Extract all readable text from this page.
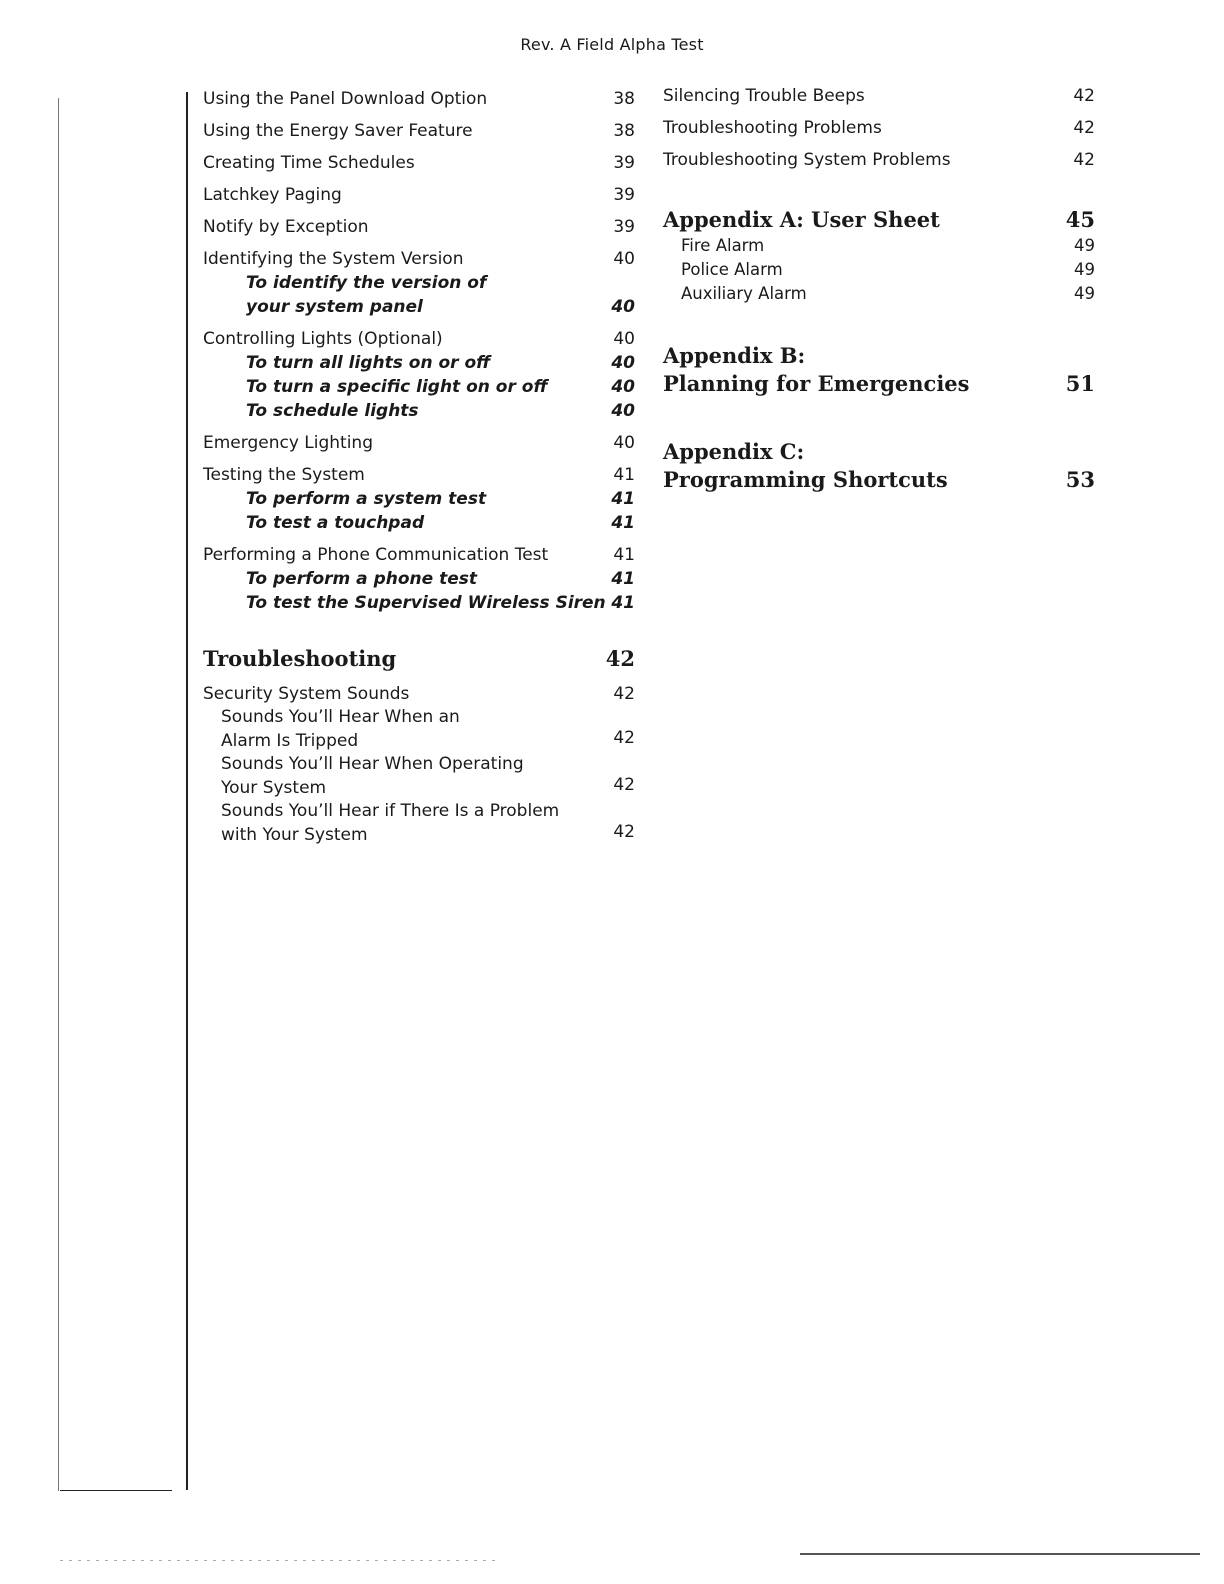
Rev. A Field Alpha Test
Using the Panel Download Option	38
Using the Energy Saver Feature	38
Creating Time Schedules	39
Latchkey Paging	39
Notify by Exception	39
Identifying the System Version	40
To identify the version of
your system panel	40
Controlling Lights (Optional)	40
To turn all lights on or off	40
To turn a specific light on or off	40
To schedule lights	40
Emergency Lighting	40
Testing the System	41
To perform a system test	41
To test a touchpad	41
Performing a Phone Communication Test	41
To perform a phone test	41
To test the Supervised Wireless Siren 41
Troubleshooting	42
Security System Sounds	42
Sounds You’ll Hear When an
Alarm Is Tripped	42
Sounds You’ll Hear When Operating
Your System	42
Sounds You’ll Hear if There Is a Problem
with Your System	42
Silencing Trouble Beeps	42
Troubleshooting Problems	42
Troubleshooting System Problems	42
Appendix A: User Sheet	45
Fire Alarm	49
Police Alarm	49
Auxiliary Alarm	49
Appendix B:
Planning for Emergencies	51
Appendix C:
Programming Shortcuts	53
